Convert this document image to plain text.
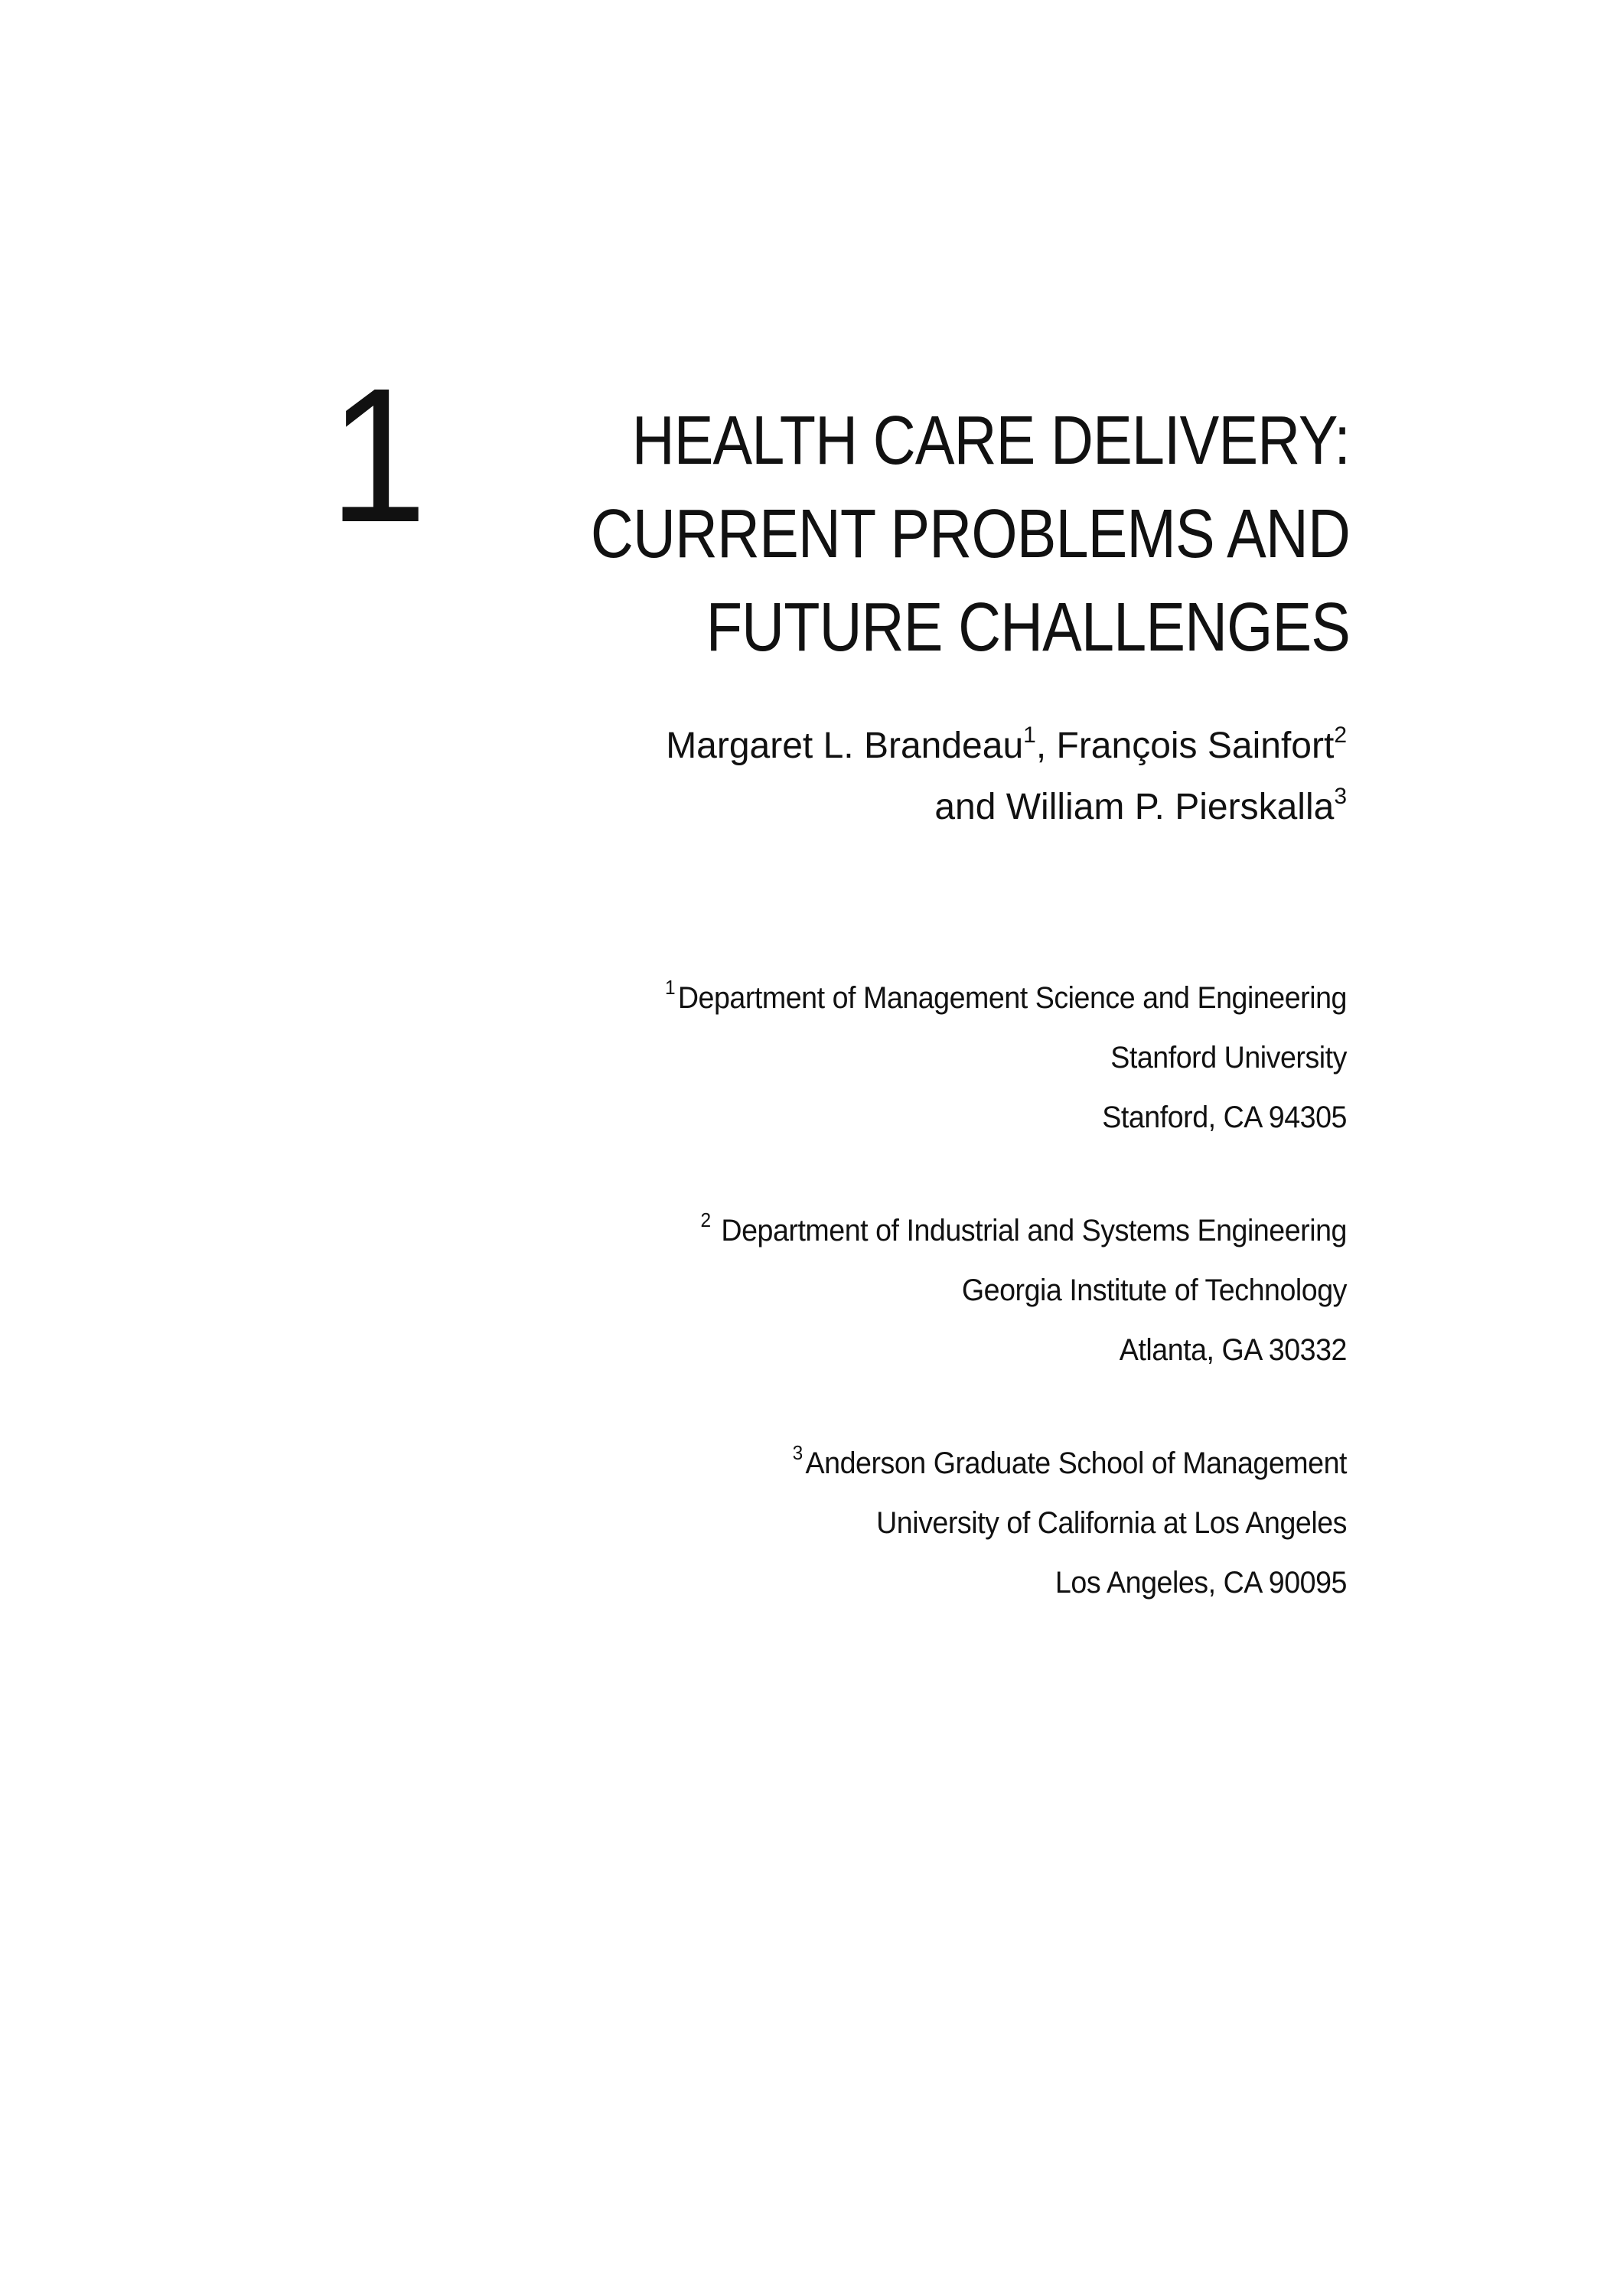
1	HEALTH CARE DELIVERY:
CURRENT PROBLEMS AND
FUTURE CHALLENGES
Margaret L. Brandeau$^1$, François Sainfort$^2$
and William P. Pierskalla$^3$
$^1$Department of Management Science and Engineering
Stanford University
Stanford, CA 94305
$^2$ Department of Industrial and Systems Engineering
Georgia Institute of Technology
Atlanta, GA 30332
$^3$Anderson Graduate School of Management
University of California at Los Angeles
Los Angeles, CA 90095
